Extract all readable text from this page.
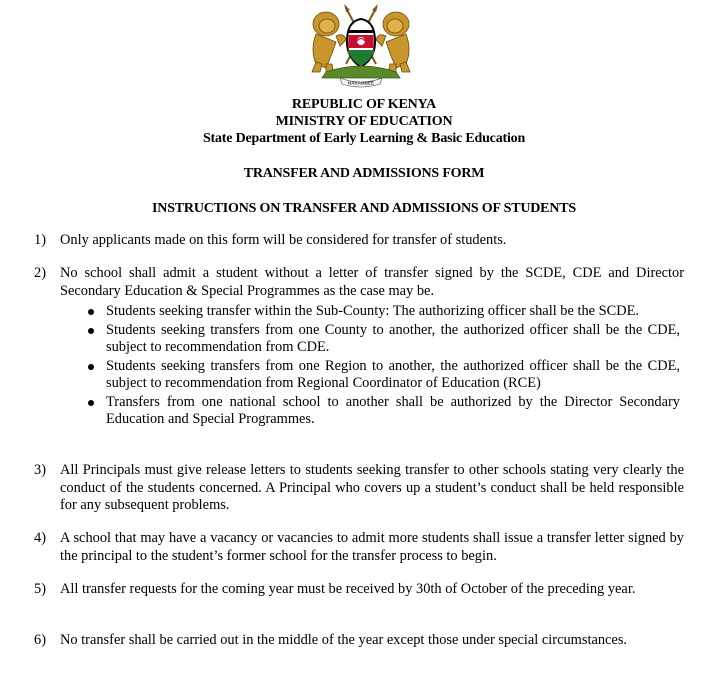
HARAMBEE
REPUBLIC OF KENYA
MINISTRY OF EDUCATION
State Department of Early Learning & Basic Education
TRANSFER AND ADMISSIONS FORM
INSTRUCTIONS ON TRANSFER AND ADMISSIONS OF STUDENTS
1) Only applicants made on this form will be considered for transfer of students.
2) No school shall admit a student without a letter of transfer signed by the SCDE, CDE and Director Secondary Education & Special Programmes as the case may be.
Students seeking transfer within the Sub-County: The authorizing officer shall be the SCDE.
Students seeking transfers from one County to another, the authorized officer shall be the CDE, subject to recommendation from CDE.
Students seeking transfers from one Region to another, the authorized officer shall be the CDE, subject to recommendation from Regional Coordinator of Education (RCE)
Transfers from one national school to another shall be authorized by the Director Secondary Education and Special Programmes.
3) All Principals must give release letters to students seeking transfer to other schools stating very clearly the conduct of the students concerned. A Principal who covers up a student’s conduct shall be held responsible for any subsequent problems.
4) A school that may have a vacancy or vacancies to admit more students shall issue a transfer letter signed by the principal to the student’s former school for the transfer process to begin.
5) All transfer requests for the coming year must be received by 30th of October of the preceding year.
6) No transfer shall be carried out in the middle of the year except those under special circumstances.
